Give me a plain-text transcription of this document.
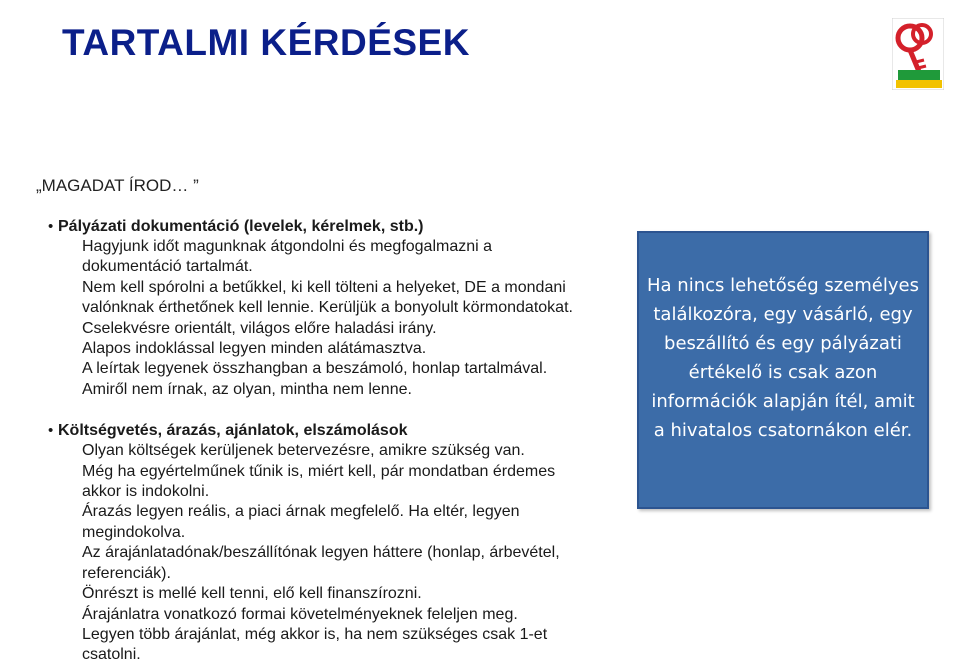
TARTALMI KÉRDÉSEK

„MAGADAT ÍROD… ”

• Pályázati dokumentáció (levelek, kérelmek, stb.)

Hagyjunk időt magunknak átgondolni és megfogalmazni a

dokumentáció tartalmát.

Nem kell spórolni a betűkkel, ki kell tölteni a helyeket, DE a mondani

valónknak érthetőnek kell lennie. Kerüljük a bonyolult körmondatokat.

Cselekvésre orientált, világos előre haladási irány.

Alapos indoklással legyen minden alátámasztva.

A leírtak legyenek összhangban a beszámoló, honlap tartalmával.

Amiről nem írnak, az olyan, mintha nem lenne.

• Költségvetés, árazás, ajánlatok, elszámolások

Olyan költségek kerüljenek betervezésre, amikre szükség van.

Még ha egyértelműnek tűnik is, miért kell, pár mondatban érdemes

akkor is indokolni.

Árazás legyen reális, a piaci árnak megfelelő. Ha eltér, legyen

megindokolva.

Az árajánlatadónak/beszállítónak legyen háttere (honlap, árbevétel,

referenciák).

Önrészt is mellé kell tenni, elő kell finanszírozni.

Árajánlatra vonatkozó formai követelményeknek feleljen meg.

Legyen több árajánlat, még akkor is, ha nem szükséges csak 1-et

csatolni.

Ha nincs lehetőség személyes találkozóra, egy vásárló, egy beszállító és egy pályázati értékelő is csak azon információk alapján ítél, amit a hivatalos csatornákon elér.
